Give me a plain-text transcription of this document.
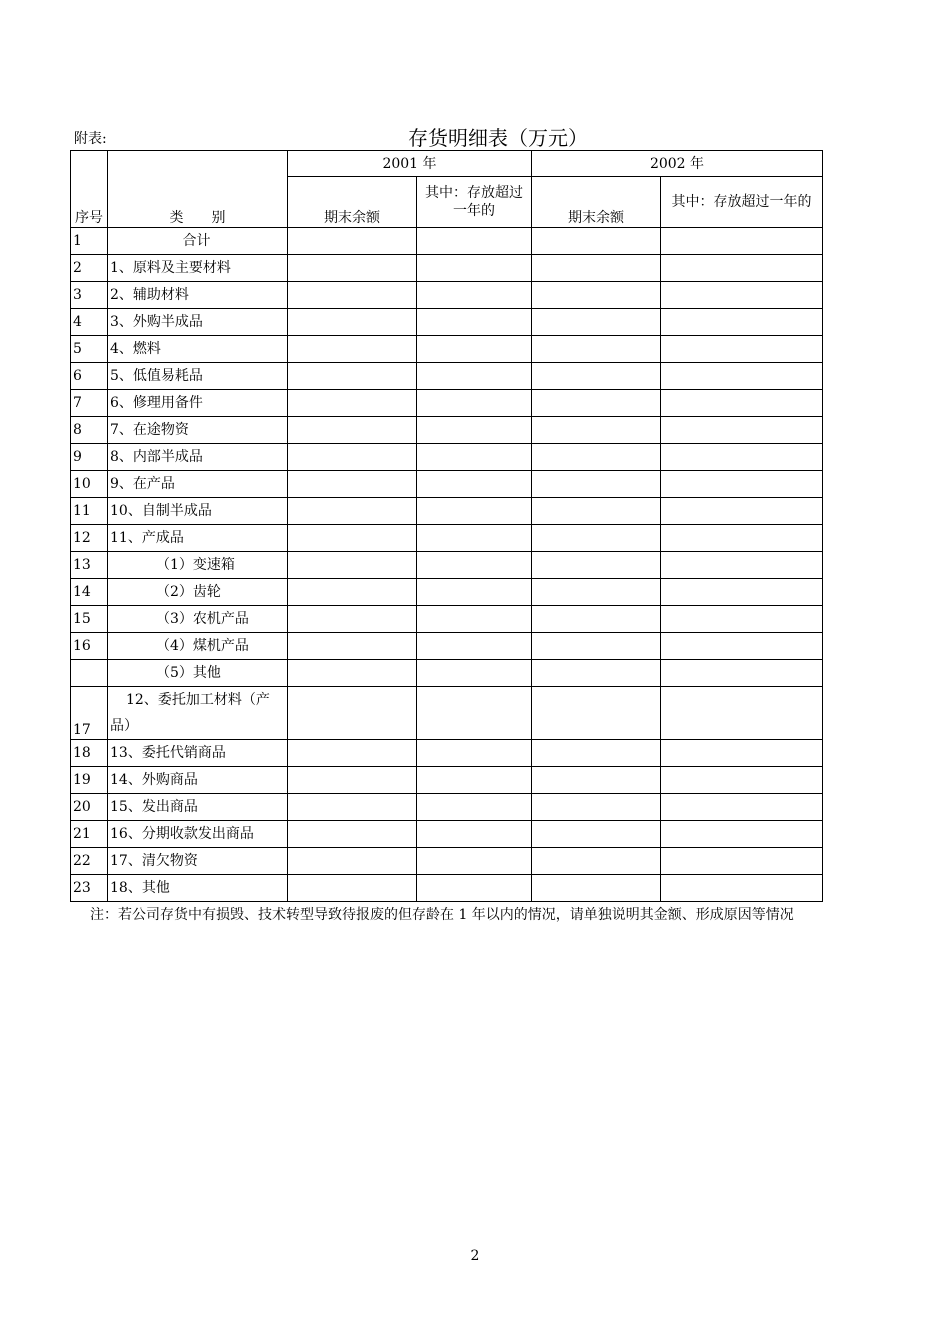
附表:	存货明细表（万元）
序号	类　　别	2001 年		2002 年	
		期末余额	其中：存放超过一年的	期末余额	其中：存放超过一年的
1	合计				
2	1、原料及主要材料				
3	2、辅助材料				
4	3、外购半成品				
5	4、燃料				
6	5、低值易耗品				
7	6、修理用备件				
8	7、在途物资				
9	8、内部半成品				
10	9、在产品				
11	10、自制半成品				
12	11、产成品				
13	（1）变速箱				
14	（2）齿轮				
15	（3）农机产品				
16	（4）煤机产品				
	（5）其他				
17	12、委托加工材料（产品）				
18	13、委托代销商品				
19	14、外购商品				
20	15、发出商品				
21	16、分期收款发出商品				
22	17、清欠物资				
23	18、其他				
注：若公司存货中有损毁、技术转型导致待报废的但存龄在 1 年以内的情况，请单独说明其金额、形成原因等情况
2
